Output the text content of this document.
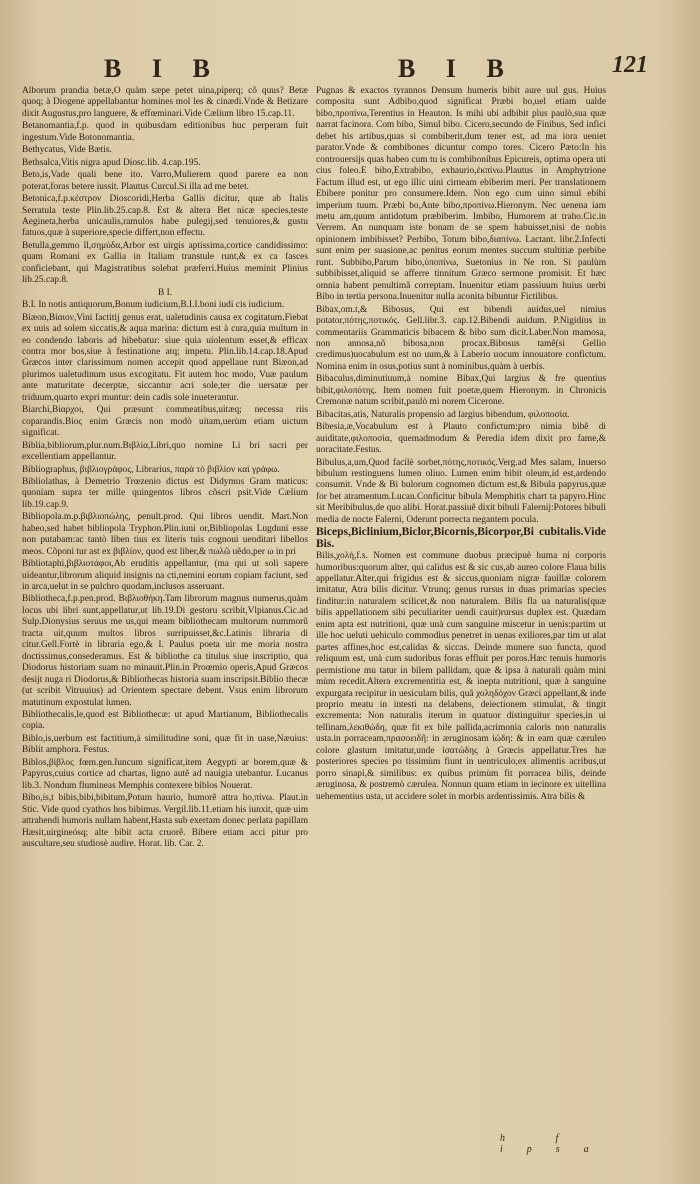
B I B	B I B	121

Alborum prandia betæ,O quàm sæpe petet uina,piperq; cõ quus? Betæ quoq; à Diogene appellabantur homines mol les & cinædi.Vnde & Betizare dixit Augustus,pro languere, & effœminari.Vide Cælium libro 15.cap.11.

Betanomantia,f.p. quod in quibusdam editionibus huc perperam fuit ingestum.Vide Botonomantia.

Bethycatus, Vide Bætis.

Bethsalca,Vitis nigra apud Diosc.lib. 4.cap.195.

Beto,is,Vade quali bene ito. Varro,Mulierem quod parere ea non poterat,foras betere iussit. Plautus Curcul.Si illa ad me betet.

Betonica,f.p.κέστρον Dioscoridi,Herba Gallis dicitur, quæ ab Italis Serratula teste Plin.lib.25.cap.8. Est & altera Bet nicæ species,teste Aegineta,herba unicaulis,ramulos habe pulegij,sed tenuiores,& gustu fatuos,quæ à superiore,specie differt,non effectu.

Betulla,gemmo ll,σημύδα,Arbor est uirgis aptissima,cortice candidissimo: quam Romani ex Gallia in Italiam transtule runt,& ex ca fasces conficiebant, qui Magistratibus solebat præferri.Huius meminit Plinius lib.25.cap.8.

B I.

B.I. In notis antiquorum,Bonum iudicium,B.I.I.boni iudi cis iudicium.

Biæon,Βίαιον,Vini factitij genus erat, ualetudinis causa ex cogitatum.Fiebat ex uuis ad solem siccatis,& aqua marina: dictum est à cura,quia multum in eo condendo laboris ad hibebatur: siue quia uiolentum esset,& efficax contra mor bos,siue à festinatione atq; impetu. Plin.lib.14.cap.18.Apud Græcos inter clarissimum nomen accepit quod appellaue runt Biæon,ad plurimos ualetudinum usus excogitatu. Fit autem hoc modo, Vuæ paulum ante maturitate decerptæ, siccantur acri sole,ter die uersatæ per triduum,quarto expri muntur: dein cadis sole inueterantur.

Biarchi,Βίαρχοι, Qui præsunt commeatibus,uitæq; necessa riis coparandis.Βίος enim Græcis non modò uitam,uerùm etiam uictum significat.

Biblia,bibliorum,plur.num.Βιβλία,Libri,quo nomine Li bri sacri per excellentiam appellantur.

Bibliographus, βιβλιογράφος, Librarius, παρὰ τὸ βιβλίον καὶ γράφω.

Bibliolathas, à Demetrio Trœzenio dictus est Didymus Gram maticus: quoniam supra ter mille quingentos libros cõscri psit.Vide Cælium lib.19.cap.9.

Bibliopola.m.p.βιβλιοπώλης, penult.prod. Qui libros uendit. Mart.Non habeo,sed habet bibliopola Tryphon.Plin.iuni or,Bibliopolas Lugduni esse non putabam:ac tantò liben tius ex literis tuis cognoui uenditari libellos meos. Cõponi tur ast ex βιβλίον, quod est liber,& πωλῶ uẽdo,per ω in pri

Bibliotaphi,βιβλιοτάφοι,Ab eruditis appellantur, (ma qui ut soli sapere uideantur,librorum aliquid insignis na cti,nemini eorum copiam faciunt, sed in arca,uelut in se pulchro quodam,inclusos asseruant.

Bibliotheca,f.p.pen.prod. Βιβλιοθήκη.Tam librorum magnus numerus,quàm locus ubi libri sunt,appellatur,ut lib.19.Di gestoru scribit,Vlpianus.Cic.ad Sulp.Dionysius seruus me us,qui meam bibliothecam multorum nummorũ tracta uit,quum multos libros surripuisset,&c.Latinis libraria di citur.Gell.Fortè in libraria ego,& I. Paulus poeta uir me moria nostra doctissimus,consederamus. Est & bibliothe ca titulus siue inscriptio, qua Diodorus historiam suam no minauit.Plin.in Proœmio operis,Apud Græcos desijt nuga ri Diodorus,& Bibliothecas historia suam inscripsit.Biblio thecæ (ut scribit Vitruuius) ad Orientem spectare debent. Vsus enim librorum matutinum expostulat lumen.

Bibliothecalis,le,quod est Bibliothecæ: ut apud Martianum, Bibliothecalis copia.

Biblo,is,uerbum est factitium,à similitudine soni, quæ fit in uase,Næuius: Biblit amphora. Festus.

Biblos,βίβλος fœm.gen.Iuncum significat,item Aegypti ar borem,quæ & Papyrus,cuius cortice ad chartas, ligno autẽ ad nauigia utebantur. Lucanus lib.3. Nondum flumineas Memphis contexere biblos Nouerat.

Bibo,is,t bibis,bibi,bibitum,Potum haurio, humorẽ attra ho,πίνω. Plaut.in Stic. Vide quod cyathos hos bibimus. Vergil.lib.11.etiam his iunxit, quæ uim attrahendi humoris nullam habent,Hasta sub exertam donec perlata papillam Hæsit,uirgineósq; alte bibit acta cruorẽ. Bibere etiam acci pitur pro auscultare,seu studiosè audire. Horat. lib. Car. 2.

Pugnas & exactos tyrannos Densum humeris bibit aure uul gus. Huius composita sunt Adbibo,quod significat Præbi bo,uel etiam ualde bibo,προπίνω,Terentius in Heauton. Is mihi ubi adbibit plus paulò,sua quæ narrat facinora. Com bibo, Simul bibo. Cicero,secundo de Finibus, Sed infici debet his artibus,quas si combiberit,dum tener est, ad ma iora ueniet parator.Vnde & combibones dicuntur compo tores. Cicero Pæto:In his controuersijs quas habeo cum tu is combibonibus Epicureis, optima opera uti cius foleo.E bibo,Extrabibo, exhaurio,ἐκπίνω.Plautus in Amphytrione Factum illud est, ut ego illic uini cirneam ebiberim meri. Per translationem Ebibere ponitur pro consumere.Idem. Non ego cum uino simul ebibi imperium tuum. Præbi bo,Ante bibo,προπίνω.Hieronym. Nec uenena iam metu am,quum antidotum præbiberim. Imbibo, Humorem at traho.Cic.in Verrem. An nunquam iste bonam de se spem habuisset,nisi de nobis opinionem imbibisset? Perbibo, Totum bibo,διαπίνω. Lactant. libr.2.Infecti sunt enim per suasione,ac penitus eorum mentes succum stultitiæ perbibe runt. Subbibo,Parum bibo,ὑποπίνω, Suetonius in Ne ron. Si paulùm subbibisset,aliquid se afferre tinnitum Græco sermone promisit. Et hæc omnia habent penultimã correptam. Inuenitur etiam passiuum huius uerbi Bibo in tertia persona.Inuenitur nulla aconita bibuntur Fictilibus.

Bibax,om.t,& Bibosus, Qui est bibendi auidus,uel nimius potator,πότης,ποτικός. Gell.libr.3. cap.12.Bibendi auidum. P.Nigidius in commentariis Grammaticis bibacem & bibo sum dicit.Laber.Non mamosa, non annosa,nõ bibosa,non procax.Bibosus tamẽ(si Gellio credimus)uocabulum est no uum,& à Laberio uocum innouatore confictum. Nomina enim in osus,potius sunt à nominibus,quàm à uerbis.

Bibaculus,diminutiuum,à nomine Bibax,Qui largius & fre quentius bibit,φιλοπότης. Item nomen fuit poetæ,quem Hieronym. in Chronicis Cremonæ natum scribit,paulò mi norem Cicerone.

Bibacitas,atis, Naturalis propensio ad largius bibendum, φιλοποσία.

Bibesia,æ,Vocabulum est à Plauto confictum:pro nimia bibẽ di auiditate,φιλοποσία, quemadmodum & Peredia idem dixit pro fame,& uoracitate.Festus.

Bibulus,a,um,Quod facilè sorbet,πότης,ποτικός.Verg.ad Mes salam, Inuerso bibulum restinguens lumen oliuo. Lumen enim bibit oleum,id est,ardendo consumit. Vnde & Bi bulorum cognomen dictum est,& Bibula papyrus,quæ for bet atramentum.Lucan.Conficitur bibula Memphitis chart ta papyro.Hinc sit Meribibulus,de quo alibi. Horat.passiuẽ dixit bibuli Falernij:Potores bibuli media de nocte Falerni, Oderunt porrecta negantem pocula.

Biceps,Biclinium,Biclor,Bicornis,Bicorpor,Bi cubitalis.Vide Bis.

Bilis,χολή,f.s. Nomen est commune duobus præcipuè huma ni corporis humoribus:quorum alter, qui calidus est & sic cus,ab aureo colore Flaua bilis appellatur.Alter,qui frigidus est & siccus,quoniam nigræ fauillæ colorem imitatur, Atra bilis dicitur. Vtrunq; genus rursus in duas primarias species finditur:in naturalem scilicet,& non naturalem. Bilis fla ua naturalis(quæ bilis appellationem sibi peculiariter uendi cauit)rursus duplex est. Quædam enim apta est nutritioni, quæ unà cum sanguine miscetur in uenis:partim ut ille hoc ueluti uehiculo commodius penetret in uenas exiliores,par tim ut alat partes affines,hoc est,calidas & siccas. Deinde munere suo functa, quod reliquum est, unà cum sudoribus foras effluit per poros.Hæc tenuis humoris permistione mu tatur in bilem pallidam, quæ & ipsa à naturali quàm mini mùm recedit.Altera excrementitia est, & inepta nutritioni, quæ à sanguine expurgata recipitur in uesiculam bilis, quã χοληδόχον Græci appellant,& inde proprio meatu in intesti na delabens, deiectionem stimulat, & tingit excrementa: Non naturalis iterum in quatuor distinguitur species,in ui tellinam,λεκιθώδη, quæ fit ex bile pallida,acrimonia caloris non naturalis usta.in porraceam,πρασοειδῆ: in æruginosam ἰώδη: & in eam quæ cæruleo colore glastum imitatur,unde ἰσατώδης à Græcis appellatur.Tres hæ posteriores species po tissimùm fiunt in uentriculo,ex alimentis acribus,ut porro sinapi,& similibus: ex quibus primùm fit porracea bilis, deinde æruginosa, & postremò cærulea. Nonnun quam etiam in iecinore ex uitellina uehementius usta, ut accidere solet in morbis ardentissimis. Atra bilis &

h f ipsa
